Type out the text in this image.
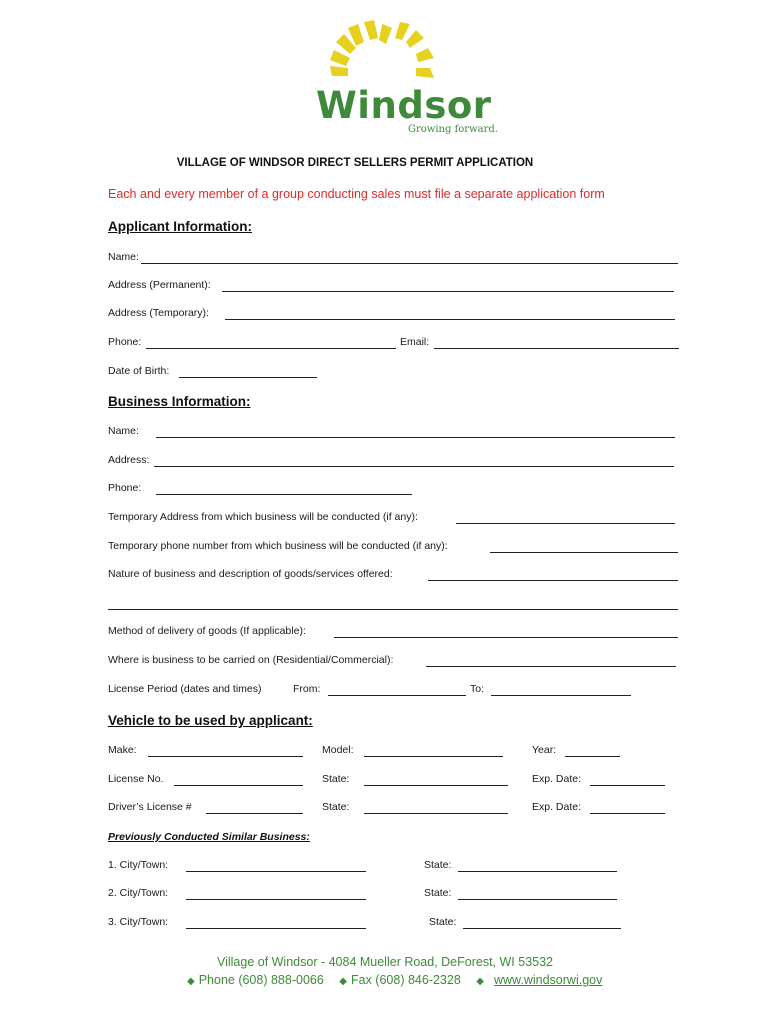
Windsor
Growing forward.
VILLAGE OF WINDSOR DIRECT SELLERS PERMIT APPLICATION
Each and every member of a group conducting sales must file a separate application form
Applicant Information:
Name:
Address (Permanent):
Address (Temporary):
Phone:	Email:
Date of Birth:
Business Information:
Name:
Address:
Phone:
Temporary Address from which business will be conducted (if any):
Temporary phone number from which business will be conducted (if any):
Nature of business and description of goods/services offered:
Method of delivery of goods (If applicable):
Where is business to be carried on (Residential/Commercial):
License Period (dates and times)	From:	To:
Vehicle to be used by applicant:
Make:	Model:	Year:
License No.	State:	Exp. Date:
Driver’s License #	State:	Exp. Date:
Previously Conducted Similar Business:
1. City/Town:	State:
2. City/Town:	State:
3. City/Town:	State:
Village of Windsor - 4084 Mueller Road, DeForest, WI 53532
◆ Phone (608) 888-0066 ◆ Fax (608) 846-2328 ◆ www.windsorwi.gov
